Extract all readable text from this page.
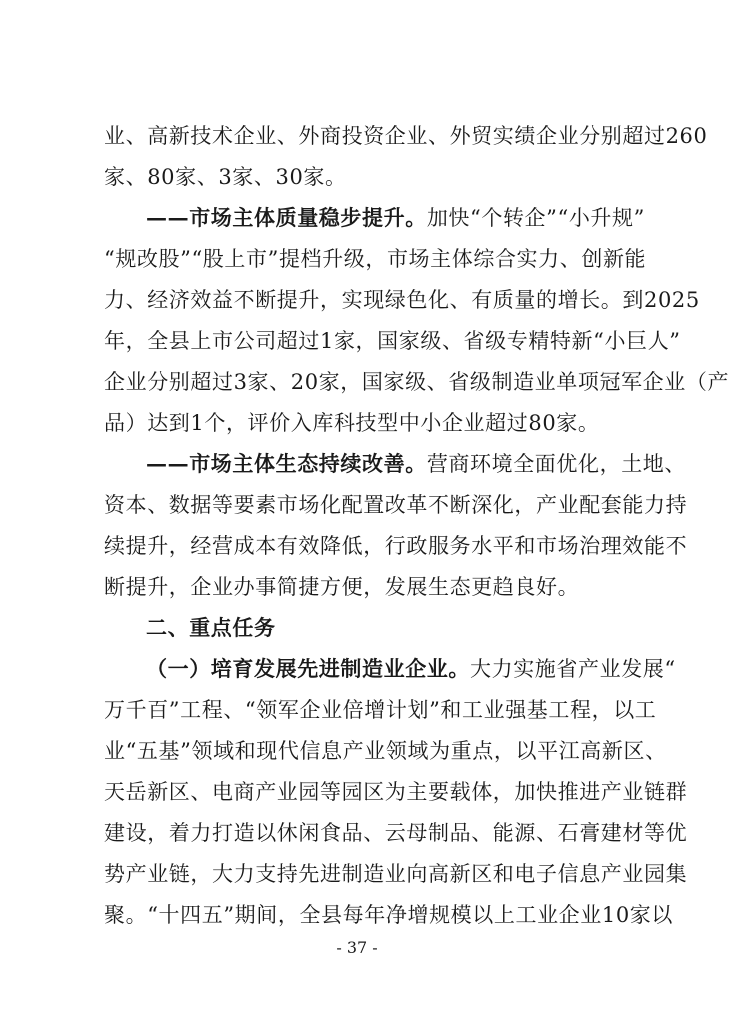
业、高新技术企业、外商投资企业、外贸实绩企业分别超过260
家、80家、3家、30家。
——市场主体质量稳步提升。加快“个转企”“小升规”
“规改股”“股上市”提档升级，市场主体综合实力、创新能
力、经济效益不断提升，实现绿色化、有质量的增长。到2025
年，全县上市公司超过1家，国家级、省级专精特新“小巨人”
企业分别超过3家、20家，国家级、省级制造业单项冠军企业（产
品）达到1个，评价入库科技型中小企业超过80家。
——市场主体生态持续改善。营商环境全面优化，土地、
资本、数据等要素市场化配置改革不断深化，产业配套能力持
续提升，经营成本有效降低，行政服务水平和市场治理效能不
断提升，企业办事简捷方便，发展生态更趋良好。
二、重点任务
（一）培育发展先进制造业企业。大力实施省产业发展“
万千百”工程、“领军企业倍增计划”和工业强基工程，以工
业“五基”领域和现代信息产业领域为重点，以平江高新区、
天岳新区、电商产业园等园区为主要载体，加快推进产业链群
建设，着力打造以休闲食品、云母制品、能源、石膏建材等优
势产业链，大力支持先进制造业向高新区和电子信息产业园集
聚。“十四五”期间，全县每年净增规模以上工业企业10家以
- 37 -
